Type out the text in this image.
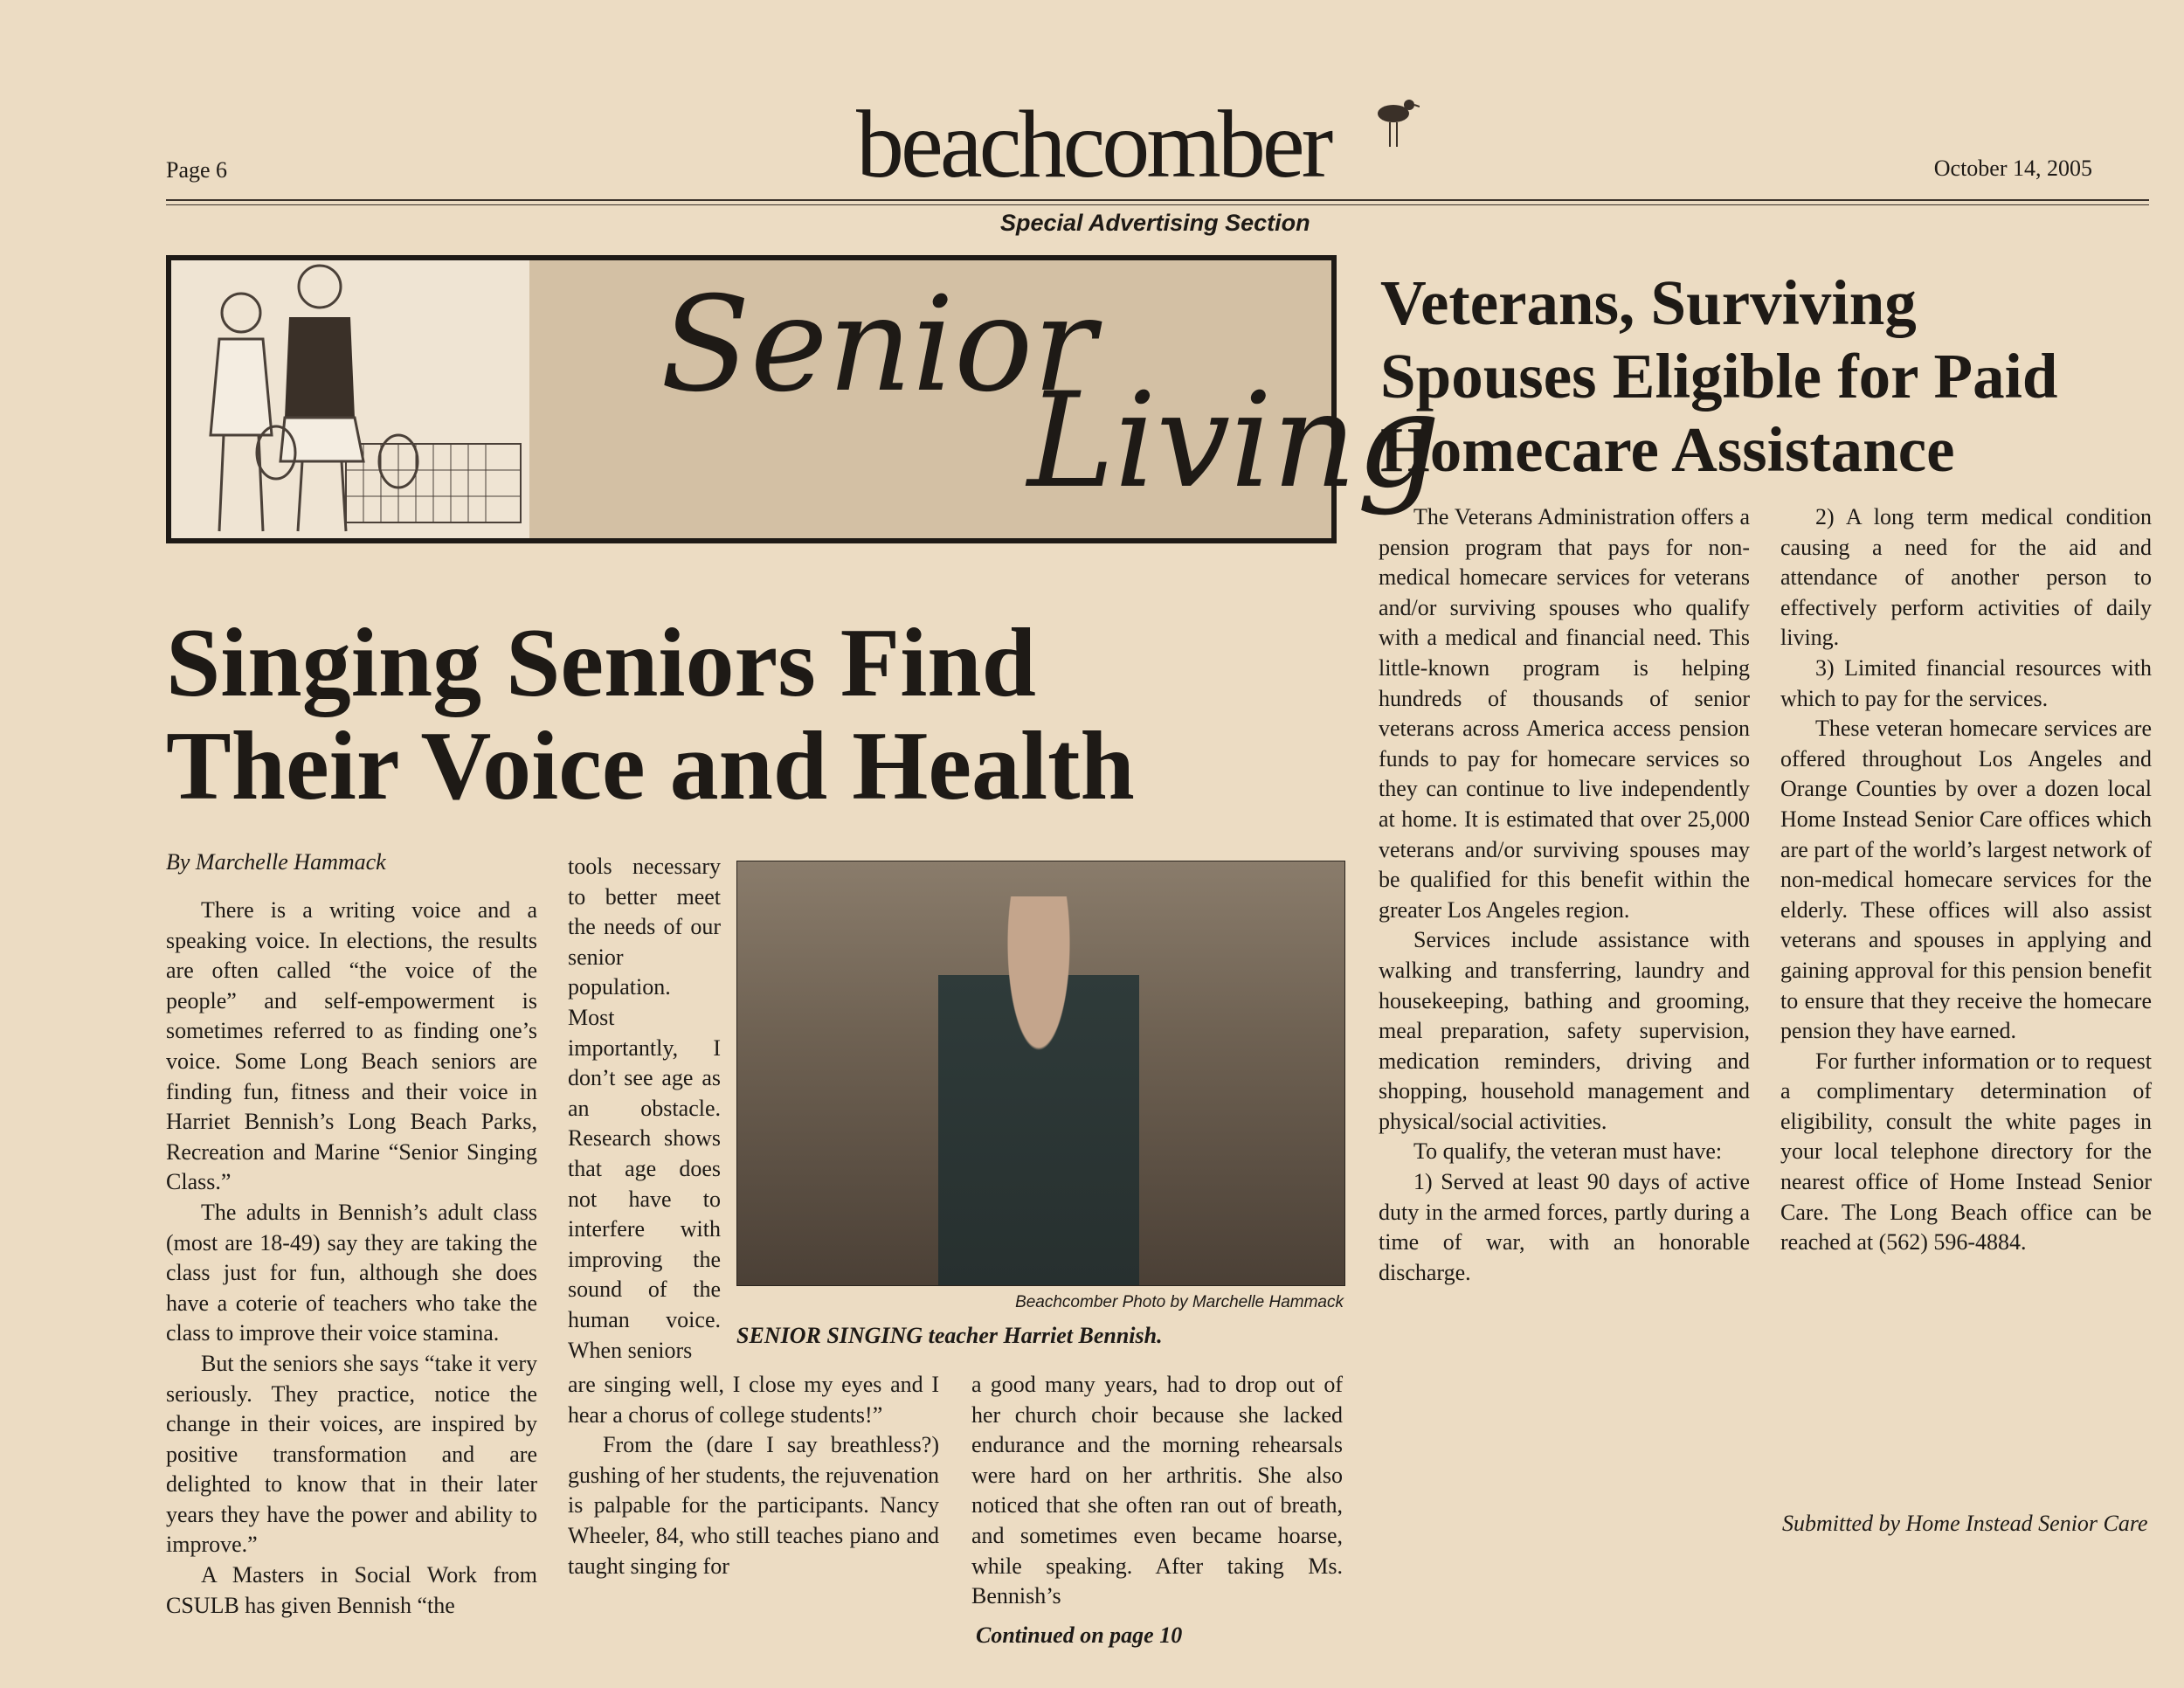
Page 6	beachcomber	October 14, 2005
Special Advertising Section
Senior
Living
Singing Seniors Find
Their Voice and Health
By Marchelle Hammack

There is a writing voice and a speaking voice. In elections, the results are often called “the voice of the people” and self-empowerment is sometimes referred to as finding one’s voice. Some Long Beach seniors are finding fun, fitness and their voice in Harriet Bennish’s Long Beach Parks, Recreation and Marine “Senior Singing Class.”

The adults in Bennish’s adult class (most are 18-49) say they are taking the class just for fun, although she does have a coterie of teachers who take the class to improve their voice stamina.

But the seniors she says “take it very seriously. They practice, notice the change in their voices, are inspired by positive transformation and are delighted to know that in their later years they have the power and ability to improve.”

A Masters in Social Work from CSULB has given Bennish “the

tools necessary to better meet the needs of our senior population. Most importantly, I don’t see age as an obstacle. Research shows that age does not have to interfere with improving the sound of the human voice. When seniors

Beachcomber Photo by Marchelle Hammack
SENIOR SINGING teacher Harriet Bennish.

are singing well, I close my eyes and I hear a chorus of college students!”

From the (dare I say breathless?) gushing of her students, the rejuvenation is palpable for the participants. Nancy Wheeler, 84, who still teaches piano and taught singing for

a good many years, had to drop out of her church choir because she lacked endurance and the morning rehearsals were hard on her arthritis. She also noticed that she often ran out of breath, and sometimes even became hoarse, while speaking. After taking Ms. Bennish’s

Continued on page 10
Veterans, Surviving
Spouses Eligible for Paid
Homecare Assistance

The Veterans Administration offers a pension program that pays for non-medical homecare services for veterans and/or surviving spouses who qualify with a medical and financial need. This little-known program is helping hundreds of thousands of senior veterans across America access pension funds to pay for homecare services so they can continue to live independently at home. It is estimated that over 25,000 veterans and/or surviving spouses may be qualified for this benefit within the greater Los Angeles region.

Services include assistance with walking and transferring, laundry and housekeeping, bathing and grooming, meal preparation, safety supervision, medication reminders, driving and shopping, household management and physical/social activities.

To qualify, the veteran must have:

1) Served at least 90 days of active duty in the armed forces, partly during a time of war, with an honorable discharge.

2) A long term medical condition causing a need for the aid and attendance of another person to effectively perform activities of daily living.

3) Limited financial resources with which to pay for the services.

These veteran homecare services are offered throughout Los Angeles and Orange Counties by over a dozen local Home Instead Senior Care offices which are part of the world’s largest network of non-medical homecare services for the elderly. These offices will also assist veterans and spouses in applying and gaining approval for this pension benefit to ensure that they receive the homecare pension they have earned.

For further information or to request a complimentary determination of eligibility, consult the white pages in your local telephone directory for the nearest office of Home Instead Senior Care. The Long Beach office can be reached at (562) 596-4884.

Submitted by Home Instead Senior Care
